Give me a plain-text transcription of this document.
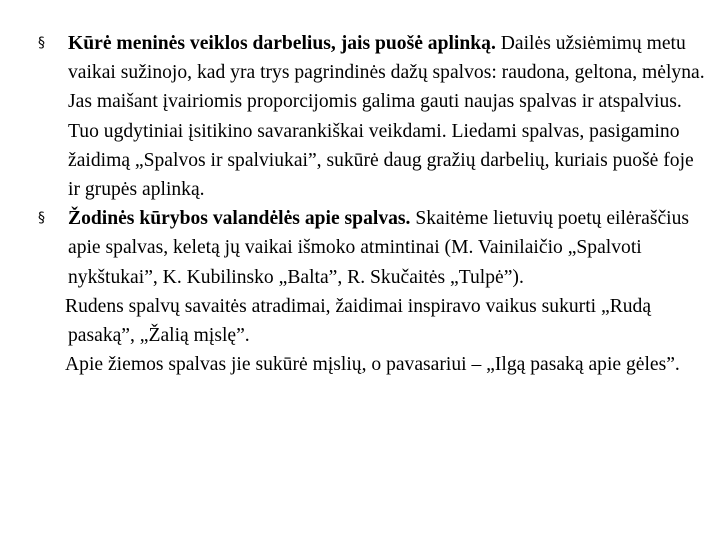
§ Kūrė meninės veiklos darbelius, jais puošė aplinką. Dailės užsiėmimų metu vaikai sužinojo, kad yra trys pagrindinės dažų spalvos: raudona, geltona, mėlyna. Jas maišant įvairiomis proporcijomis galima gauti naujas spalvas ir atspalvius. Tuo ugdytiniai įsitikino savarankiškai veikdami. Liedami spalvas, pasigamino žaidimą „Spalvos ir spalviukai”, sukūrė daug gražių darbelių, kuriais puošė foje ir grupės aplinką.
§ Žodinės kūrybos valandėlės apie spalvas. Skaitėme lietuvių poetų eilėraščius apie spalvas, keletą jų vaikai išmoko atmintinai (M. Vainilaičio „Spalvoti nykštukai”, K. Kubilinsko „Balta”, R. Skučaitės „Tulpė”).
Rudens spalvų savaitės atradimai, žaidimai inspiravo vaikus sukurti „Rudą pasaką”, „Žalią mįslę”.
Apie žiemos spalvas jie sukūrė mįslių, o pavasariui – „Ilgą pasaką apie gėles”.
